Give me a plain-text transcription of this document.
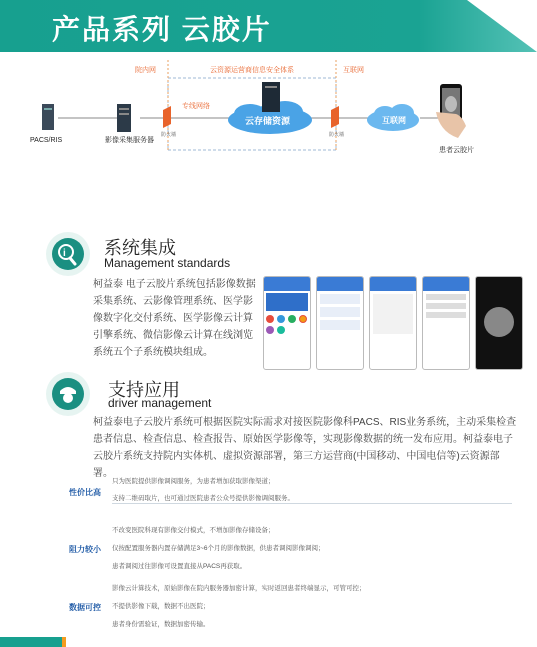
产品系列 云胶片
院内网	云资源运营商信息安全体系	互联网
专线网络
PACS/RIS	影像采集服务器
防火墙
云存储资源
防火墙
互联网
患者云胶片
i 系统集成
Management standards
柯益泰 电子云胶片系统包括影像数据采集系统、云影像管理系统、医学影像数字化交付系统、医学影像云计算引擎系统、微信影像云计算在线浏览系统五个子系统模块组成。
支持应用
driver management
柯益泰电子云胶片系统可根据医院实际需求对接医院影像科PACS、RIS业务系统，主动采集检查患者信息、检查信息、检查报告、原始医学影像等，实现影像数据的统一发布应用。柯益泰电子云胶片系统支持院内实体机、虚拟资源部署，第三方运营商(中国移动、中国电信等)云资源部署。
性价比高
只为医院提供影像调阅服务，为患者增加获取影像渠道；
支持二维码取片，也可通过医院患者公众号提供影像调阅服务。
阻力较小
不改变医院科现有影像交付模式，不增加影像存储设备；
仅按配置服务器内置存储满足3~6个月的影像数据，供患者调阅影像调阅；
患者调阅过往影像可设置直接从PACS再获取。
数据可控
影像云计算技术，原始影像在院内服务器加密计算，实时返回患者终端显示，可管可控；
不提供影像下载，数据不出医院；
患者身份需验证，数据加密传输。
